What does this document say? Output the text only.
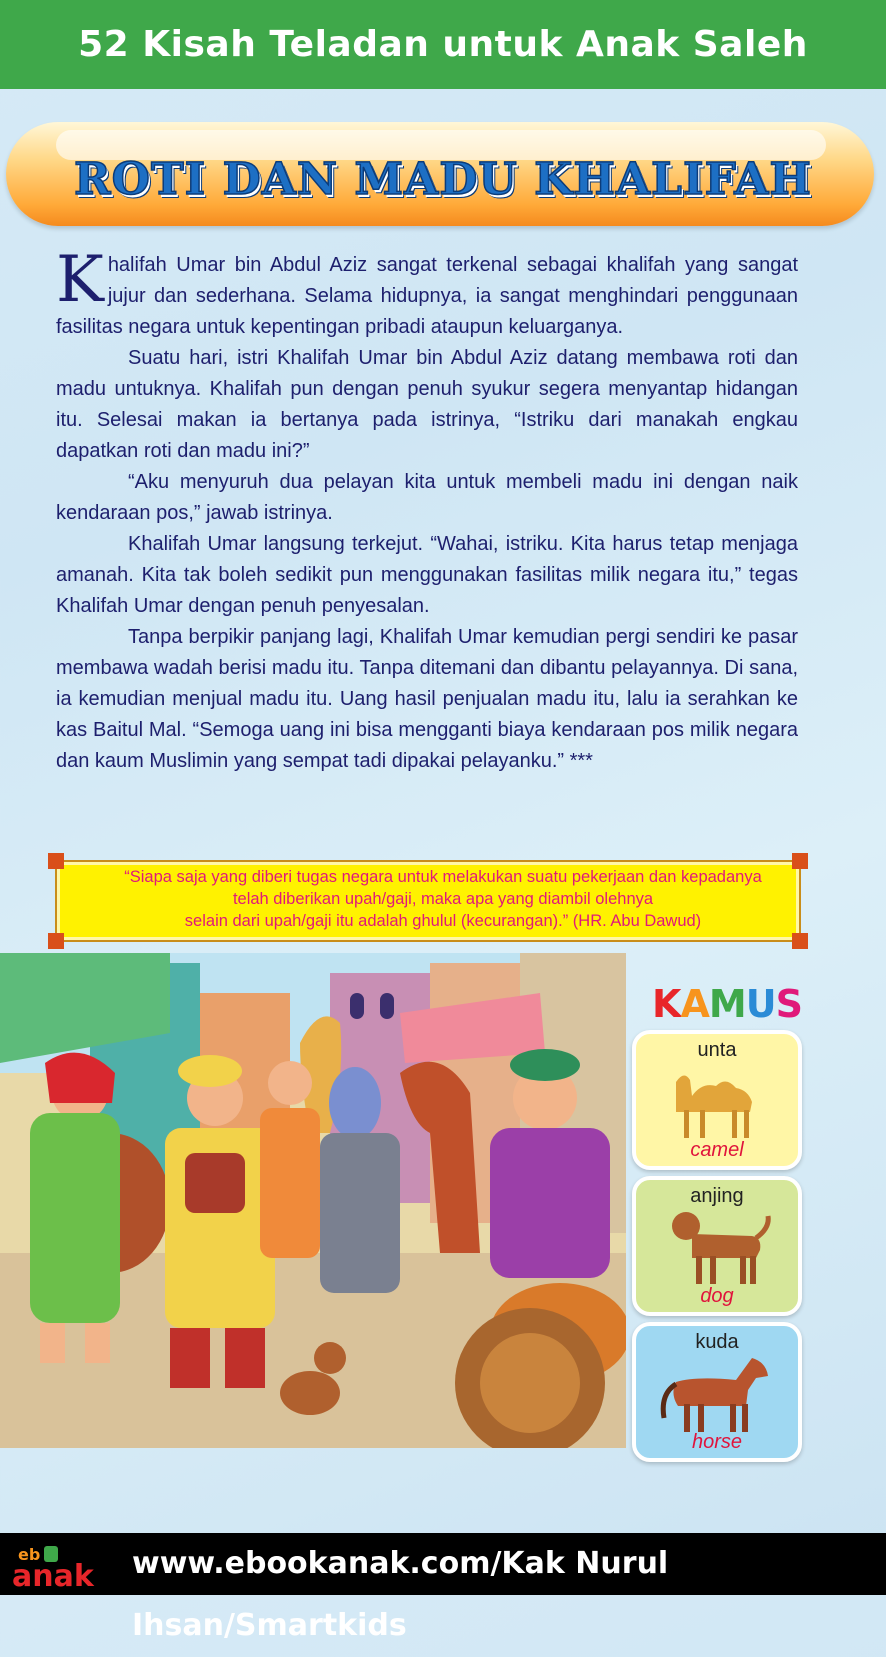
52 Kisah Teladan untuk Anak Saleh
ROTI DAN MADU KHALIFAH

Khalifah Umar bin Abdul Aziz sangat terkenal sebagai khalifah yang sangat jujur dan sederhana. Selama hidupnya, ia sangat menghindari penggunaan fasilitas negara untuk kepentingan pribadi ataupun keluarganya.

Suatu hari, istri Khalifah Umar bin Abdul Aziz datang membawa roti dan madu untuknya. Khalifah pun dengan penuh syukur segera menyantap hidangan itu. Selesai makan ia bertanya pada istrinya, “Istriku dari manakah engkau dapatkan roti dan madu ini?”

“Aku menyuruh dua pelayan kita untuk membeli madu ini dengan naik kendaraan pos,” jawab istrinya.

Khalifah Umar langsung terkejut. “Wahai, istriku. Kita harus tetap menjaga amanah. Kita tak boleh sedikit pun menggunakan fasilitas milik negara itu,” tegas Khalifah Umar dengan penuh penyesalan.

Tanpa berpikir panjang lagi, Khalifah Umar kemudian pergi sendiri ke pasar membawa wadah berisi madu itu. Tanpa ditemani dan dibantu pelayannya. Di sana, ia kemudian menjual madu itu. Uang hasil penjualan madu itu, lalu ia serahkan ke kas Baitul Mal. “Semoga uang ini bisa mengganti biaya kendaraan pos milik negara dan kaum Muslimin yang sempat tadi dipakai pelayanku.” ***

“Siapa saja yang diberi tugas negara untuk melakukan suatu pekerjaan dan kepadanya
telah diberikan upah/gaji, maka apa yang diambil olehnya
selain dari upah/gaji itu adalah ghulul (kecurangan).” (HR. Abu Dawud)
KAMUS
unta
camel
anjing
dog
kuda
horse
eb
anak www.ebookanak.com/Kak Nurul Ihsan/Smartkids
